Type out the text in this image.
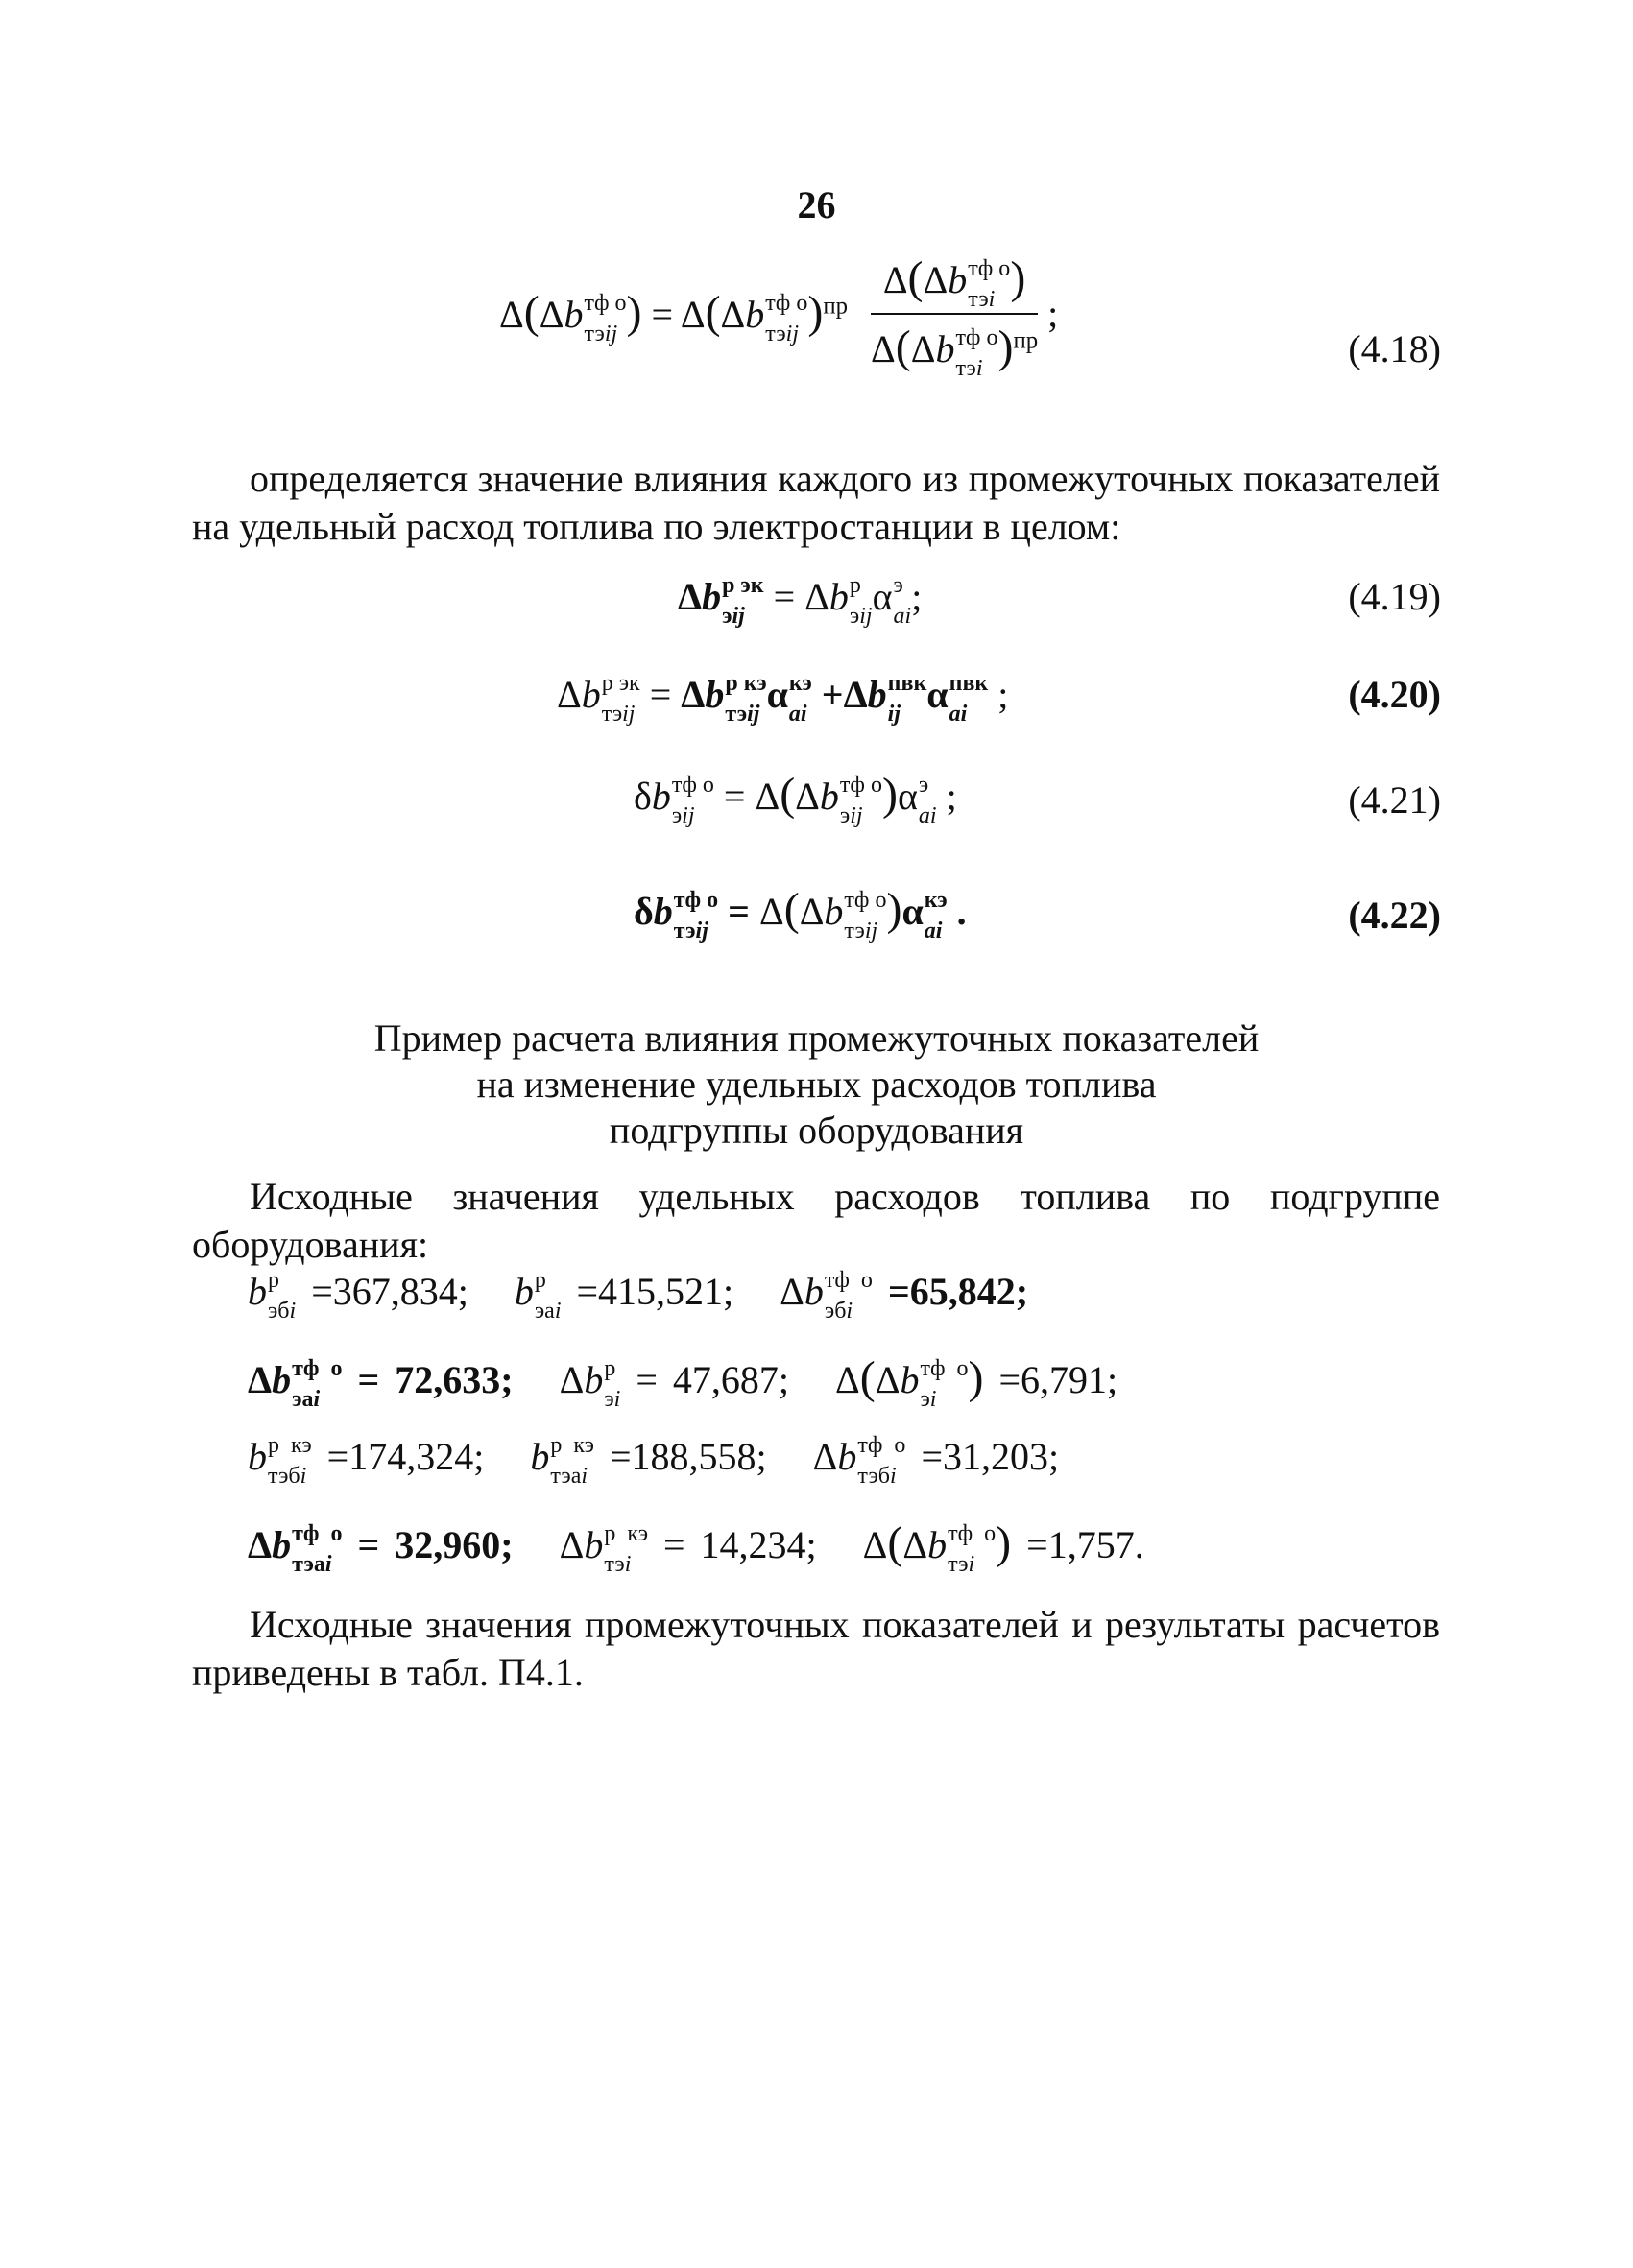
26
Δ(Δb тф о
тэij ) = Δ(Δb тф о
тэij )$^{пр}$ Δ(Δb тф о
тэi )
Δ(Δb тф о
тэi )$^{пр}$ ;
(4.18)
определяется значение влияния каждого из промежуточных показателей на удельный расход топлива по электростанции в целом:
Δb р эк
эij = Δb р
эij α э
ai ;	(4.19)
Δb р эк
тэij = Δb р кэ
тэij α кэ
ai +Δb пвк
ij α пвк
ai ;	(4.20)
δb тф о
эij = Δ(Δb тф о
эij )α э
ai ;	(4.21)
δb тф о
тэij = Δ(Δb тф о
тэij )α кэ
ai .	(4.22)
Пример расчета влияния промежуточных показателей
на изменение удельных расходов топлива
подгруппы оборудования
Исходные значения удельных расходов топлива по подгруппе оборудования:
b р
эбi =367,834; b р
эаi =415,521;   Δb тф о
эбi =65,842;
Δb тф о
эаi = 72,633;   Δb р
эi = 47,687;   Δ(Δb тф о
эi ) =6,791;
b р кэ
тэбi =174,324; b р кэ
тэаi =188,558;   Δb тф о
тэбi =31,203;
Δb тф о
тэаi = 32,960;   Δb р кэ
тэi = 14,234;   Δ(Δb тф о
тэi ) =1,757.
Исходные значения промежуточных показателей и результаты расчетов приведены в табл. П4.1.
